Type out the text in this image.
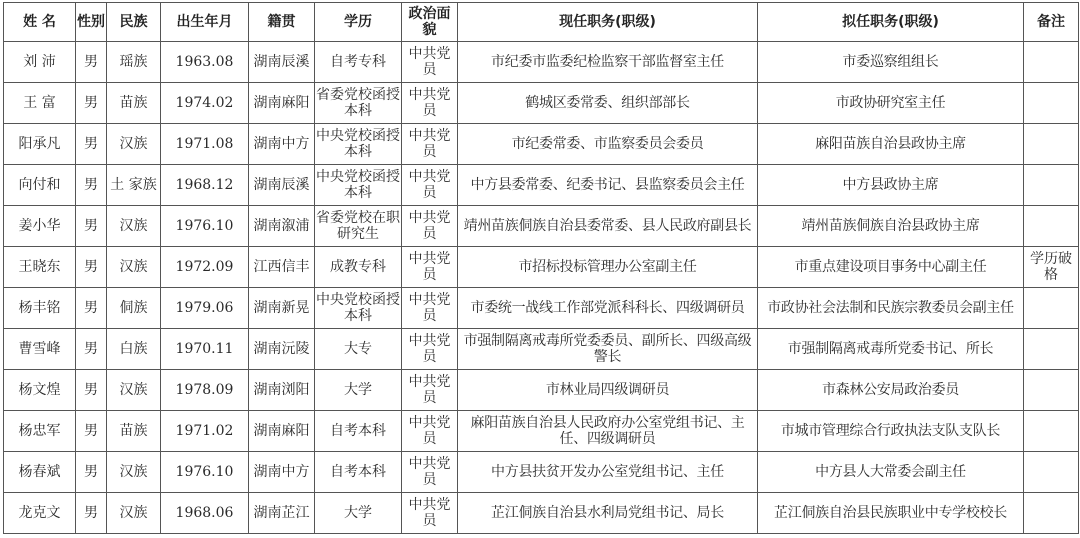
姓 名	性别	民族	出生年月	籍贯	学历	政治面貌	现任职务(职级)	拟任职务(职级)	备注
刘 沛	男	瑶族	1963.08	湖南辰溪	自考专科	中共党员	市纪委市监委纪检监察干部监督室主任	市委巡察组组长	
王 富	男	苗族	1974.02	湖南麻阳	省委党校函授本科	中共党员	鹤城区委常委、组织部部长	市政协研究室主任	
阳承凡	男	汉族	1971.08	湖南中方	中央党校函授本科	中共党员	市纪委常委、市监察委员会委员	麻阳苗族自治县政协主席	
向付和	男	土 家族	1968.12	湖南辰溪	中央党校函授本科	中共党员	中方县委常委、纪委书记、县监察委员会主任	中方县政协主席	
姜小华	男	汉族	1976.10	湖南溆浦	省委党校在职研究生	中共党员	靖州苗族侗族自治县委常委、县人民政府副县长	靖州苗族侗族自治县政协主席	
王晓东	男	汉族	1972.09	江西信丰	成教专科	中共党员	市招标投标管理办公室副主任	市重点建设项目事务中心副主任	学历破格
杨丰铭	男	侗族	1979.06	湖南新晃	中央党校函授本科	中共党员	市委统一战线工作部党派科科长、四级调研员	市政协社会法制和民族宗教委员会副主任	
曹雪峰	男	白族	1970.11	湖南沅陵	大专	中共党员	市强制隔离戒毒所党委委员、副所长、四级高级警长	市强制隔离戒毒所党委书记、所长	
杨文煌	男	汉族	1978.09	湖南浏阳	大学	中共党员	市林业局四级调研员	市森林公安局政治委员	
杨忠军	男	苗族	1971.02	湖南麻阳	自考本科	中共党员	麻阳苗族自治县人民政府办公室党组书记、主任、四级调研员	市城市管理综合行政执法支队支队长	
杨春斌	男	汉族	1976.10	湖南中方	自考本科	中共党员	中方县扶贫开发办公室党组书记、主任	中方县人大常委会副主任	
龙克文	男	汉族	1968.06	湖南芷江	大学	中共党员	芷江侗族自治县水利局党组书记、局长	芷江侗族自治县民族职业中专学校校长	
